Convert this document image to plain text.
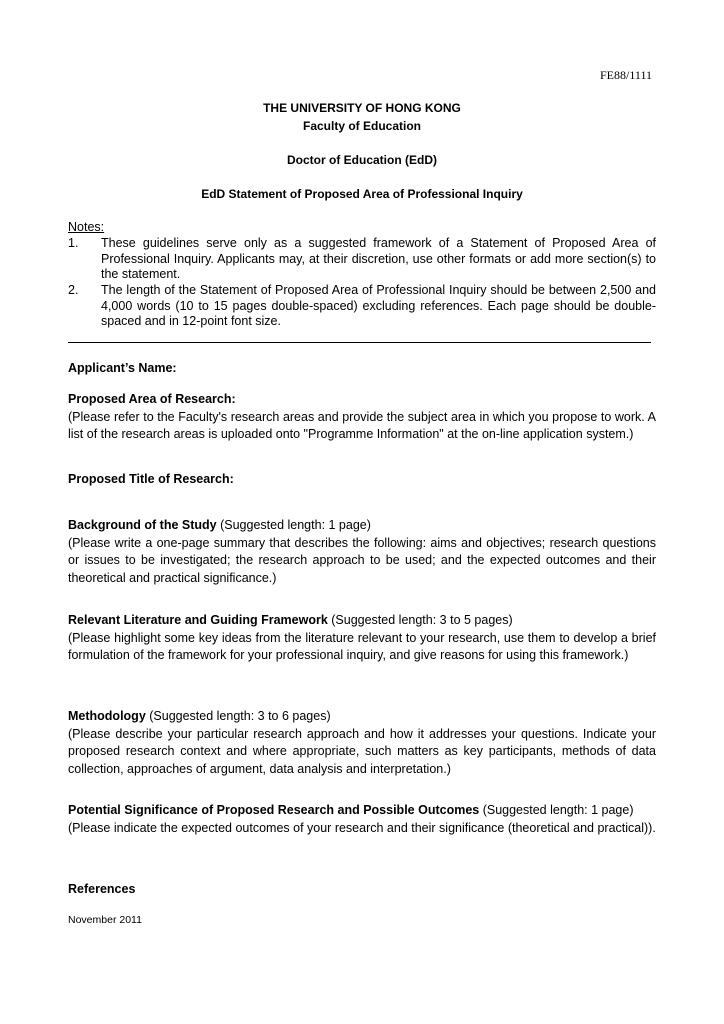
FE88/1111
THE UNIVERSITY OF HONG KONG
Faculty of Education
Doctor of Education (EdD)
EdD Statement of Proposed Area of Professional Inquiry
Notes:
1. These guidelines serve only as a suggested framework of a Statement of Proposed Area of Professional Inquiry. Applicants may, at their discretion, use other formats or add more section(s) to the statement.
2. The length of the Statement of Proposed Area of Professional Inquiry should be between 2,500 and 4,000 words (10 to 15 pages double-spaced) excluding references. Each page should be double-spaced and in 12-point font size.
Applicant’s Name:
Proposed Area of Research:
(Please refer to the Faculty's research areas and provide the subject area in which you propose to work. A list of the research areas is uploaded onto "Programme Information" at the on-line application system.)
Proposed Title of Research:
Background of the Study (Suggested length: 1 page)
(Please write a one-page summary that describes the following: aims and objectives; research questions or issues to be investigated; the research approach to be used; and the expected outcomes and their theoretical and practical significance.)
Relevant Literature and Guiding Framework (Suggested length: 3 to 5 pages)
(Please highlight some key ideas from the literature relevant to your research, use them to develop a brief formulation of the framework for your professional inquiry, and give reasons for using this framework.)
Methodology (Suggested length: 3 to 6 pages)
(Please describe your particular research approach and how it addresses your questions. Indicate your proposed research context and where appropriate, such matters as key participants, methods of data collection, approaches of argument, data analysis and interpretation.)
Potential Significance of Proposed Research and Possible Outcomes (Suggested length: 1 page)
(Please indicate the expected outcomes of your research and their significance (theoretical and practical)).
References
November 2011
